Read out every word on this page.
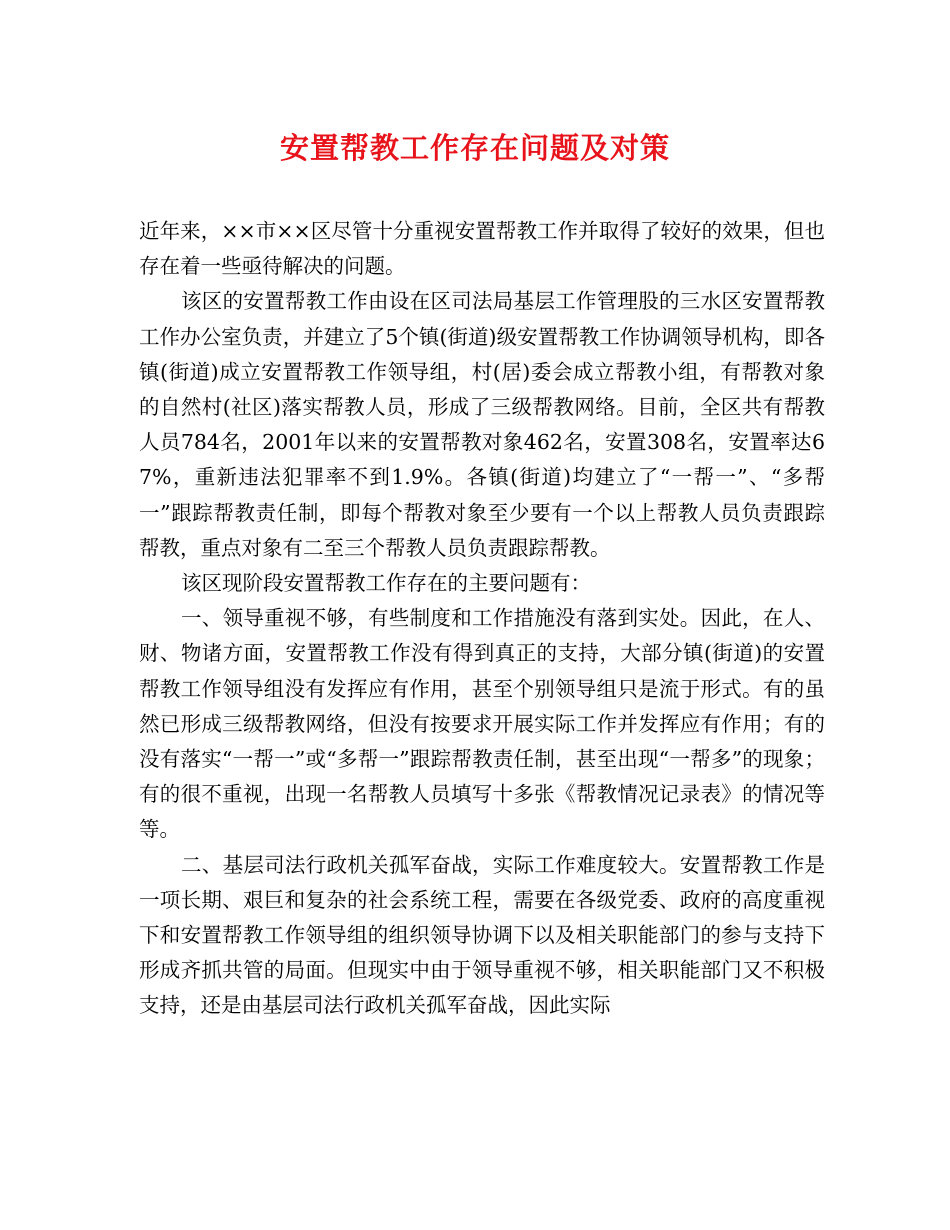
安置帮教工作存在问题及对策

近年来，××市××区尽管十分重视安置帮教工作并取得了较好的效果，但也存在着一些亟待解决的问题。

该区的安置帮教工作由设在区司法局基层工作管理股的三水区安置帮教工作办公室负责，并建立了5个镇(街道)级安置帮教工作协调领导机构，即各镇(街道)成立安置帮教工作领导组，村(居)委会成立帮教小组，有帮教对象的自然村(社区)落实帮教人员，形成了三级帮教网络。目前，全区共有帮教人员784名，2001年以来的安置帮教对象462名，安置308名，安置率达67%，重新违法犯罪率不到1.9%。各镇(街道)均建立了“一帮一”、“多帮一”跟踪帮教责任制，即每个帮教对象至少要有一个以上帮教人员负责跟踪帮教，重点对象有二至三个帮教人员负责跟踪帮教。

该区现阶段安置帮教工作存在的主要问题有：

一、领导重视不够，有些制度和工作措施没有落到实处。因此，在人、财、物诸方面，安置帮教工作没有得到真正的支持，大部分镇(街道)的安置帮教工作领导组没有发挥应有作用，甚至个别领导组只是流于形式。有的虽然已形成三级帮教网络，但没有按要求开展实际工作并发挥应有作用；有的没有落实“一帮一”或“多帮一”跟踪帮教责任制，甚至出现“一帮多”的现象；有的很不重视，出现一名帮教人员填写十多张《帮教情况记录表》的情况等等。

二、基层司法行政机关孤军奋战，实际工作难度较大。安置帮教工作是一项长期、艰巨和复杂的社会系统工程，需要在各级党委、政府的高度重视下和安置帮教工作领导组的组织领导协调下以及相关职能部门的参与支持下形成齐抓共管的局面。但现实中由于领导重视不够，相关职能部门又不积极支持，还是由基层司法行政机关孤军奋战，因此实际
